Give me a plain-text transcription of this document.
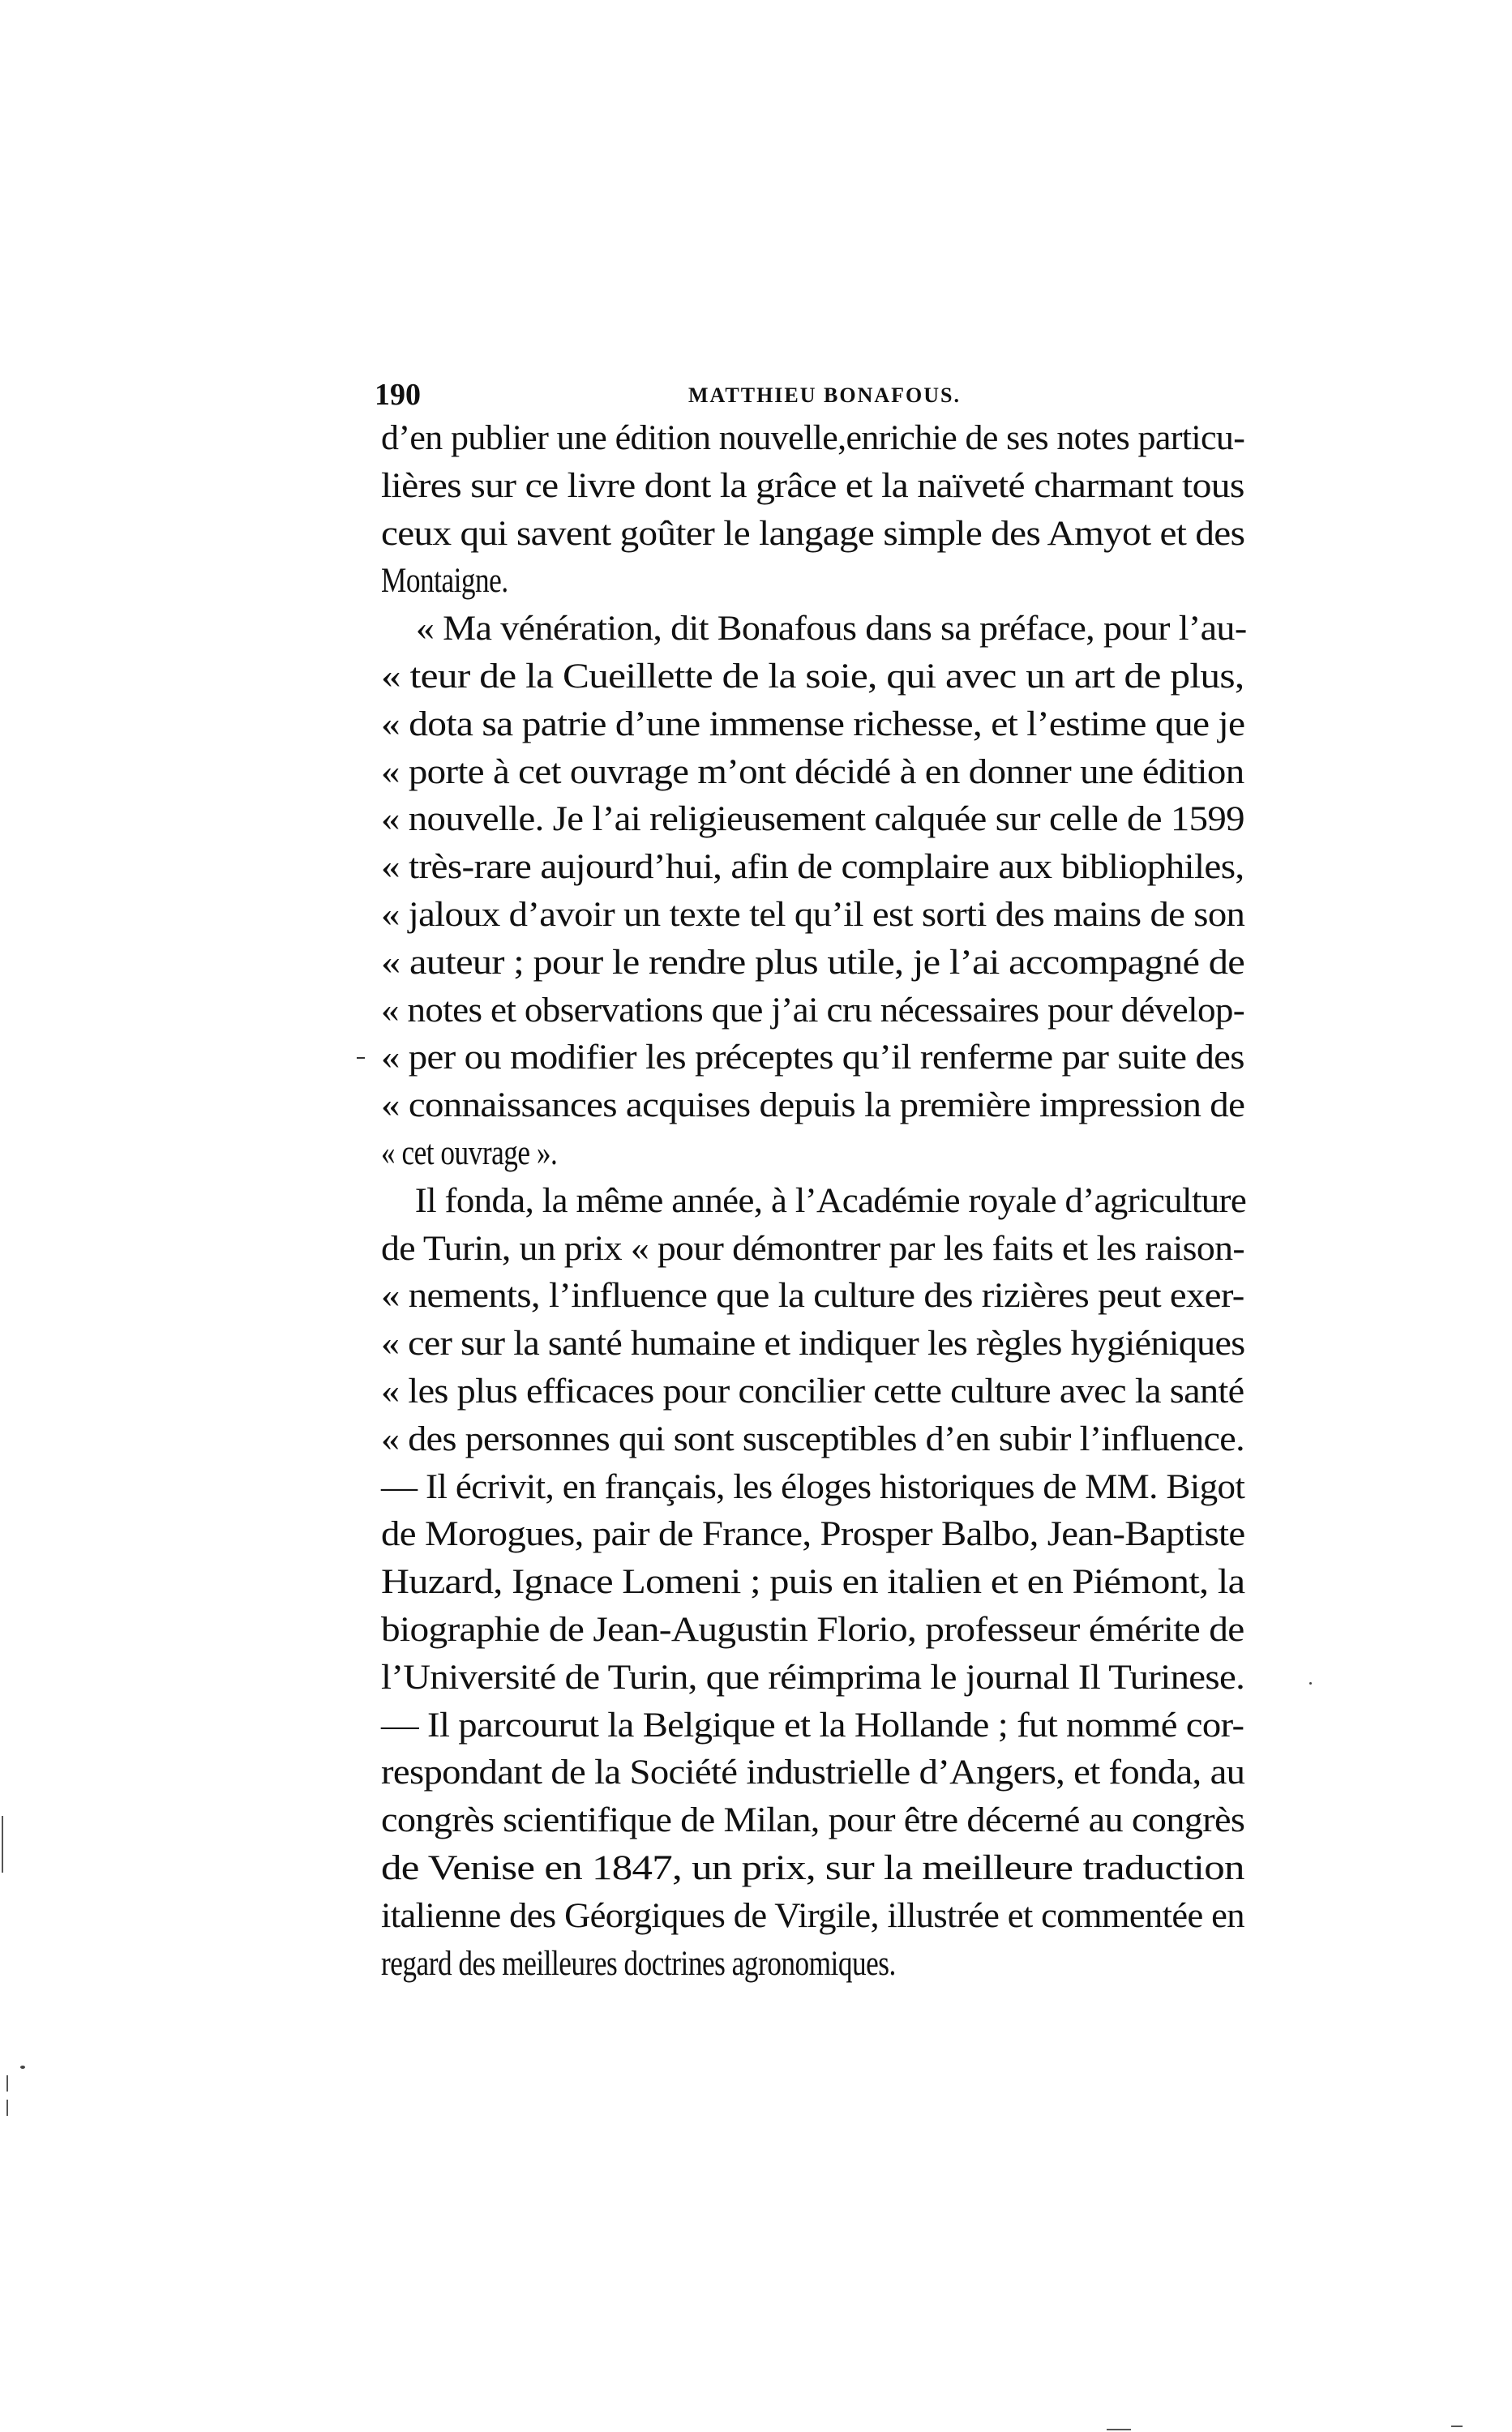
190	MATTHIEU BONAFOUS.
d’en publier une édition nouvelle,enrichie de ses notes particu-
lières sur ce livre dont la grâce et la naïveté charmant tous
ceux qui savent goûter le langage simple des Amyot et des
Montaigne.
« Ma vénération, dit Bonafous dans sa préface, pour l’au-
« teur de la Cueillette de la soie, qui avec un art de plus,
« dota sa patrie d’une immense richesse, et l’estime que je
« porte à cet ouvrage m’ont décidé à en donner une édition
« nouvelle. Je l’ai religieusement calquée sur celle de 1599
« très-rare aujourd’hui, afin de complaire aux bibliophiles,
« jaloux d’avoir un texte tel qu’il est sorti des mains de son
« auteur ; pour le rendre plus utile, je l’ai accompagné de
« notes et observations que j’ai cru nécessaires pour dévelop-
« per ou modifier les préceptes qu’il renferme par suite des
« connaissances acquises depuis la première impression de
« cet ouvrage ».
Il fonda, la même année, à l’Académie royale d’agriculture
de Turin, un prix « pour démontrer par les faits et les raison-
« nements, l’influence que la culture des rizières peut exer-
« cer sur la santé humaine et indiquer les règles hygiéniques
« les plus efficaces pour concilier cette culture avec la santé
« des personnes qui sont susceptibles d’en subir l’influence.
— Il écrivit, en français, les éloges historiques de MM. Bigot
de Morogues, pair de France, Prosper Balbo, Jean-Baptiste
Huzard, Ignace Lomeni ; puis en italien et en Piémont, la
biographie de Jean-Augustin Florio, professeur émérite de
l’Université de Turin, que réimprima le journal Il Turinese.
— Il parcourut la Belgique et la Hollande ; fut nommé cor-
respondant de la Société industrielle d’Angers, et fonda, au
congrès scientifique de Milan, pour être décerné au congrès
de Venise en 1847, un prix, sur la meilleure traduction
italienne des Géorgiques de Virgile, illustrée et commentée en
regard des meilleures doctrines agronomiques.
